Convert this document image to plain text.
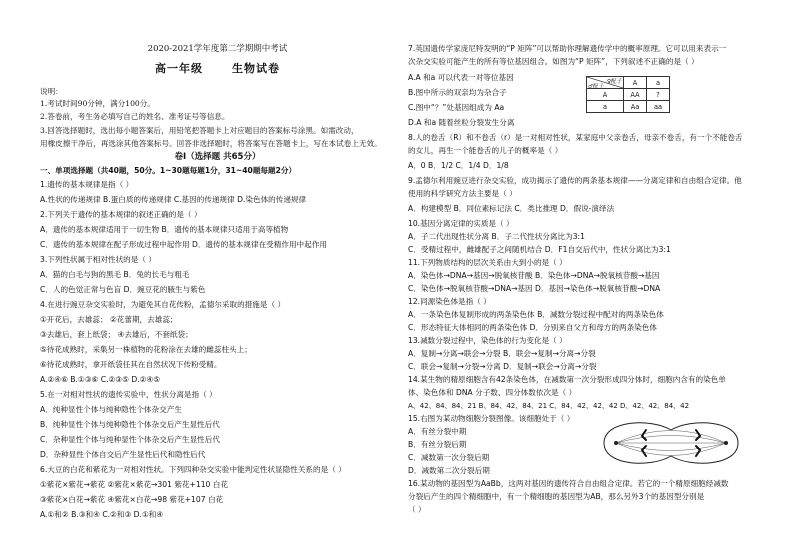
2020-2021学年度第二学期期中考试
高一年级	生物试卷
说明：
1.考试时间90分钟，满分100分。
2.答卷前，考生务必填写自己的姓名、准考证号等信息。
3.回答选择题时，选出每小题答案后，用铅笔把答题卡上对应题目的答案标号涂黑。如需改动，
用橡皮擦干净后，再选涂其他答案标号。回答非选择题时，将答案写在答题卡上，写在本试卷上无效。
卷Ⅰ（选择题 共65分）
一、单项选择题（共40题，50分。1~30题每题1分，31~40题每题2分）
1.遗传的基本规律是指（ ）
A.性状的传递规律 B.蛋白质的传递规律 C.基因的传递规律 D.染色体的传递规律
2.下列关于遗传的基本规律的叙述正确的是（ ）
A．遗传的基本规律适用于一切生物 B．遗传的基本规律只适用于高等植物
C．遗传的基本规律在配子形成过程中起作用 D．遗传的基本规律在受精作用中起作用
3.下列性状属于相对性状的是（ ）
A．猫的白毛与狗的黑毛 B．兔的长毛与粗毛
C．人的色觉正常与色盲 D．豌豆花的腋生与紫色
4.在进行豌豆杂交实验时，为避免其自花传粉，孟德尔采取的措施是（ ）
①开花后，去雄蕊； ②花蕾期，去雄蕊；
③去雄后，套上纸袋； ④去雄后，不套纸袋；
⑤待花成熟时，采集另一株植物的花粉涂在去雄的雌蕊柱头上；
⑥待花成熟时，拿开纸袋任其在自然状况下传粉受精。
A.②④⑥ B.①③⑥ C.②③⑤ D.②④⑤
5.在一对相对性状的遗传实验中，性状分离是指（ ）
A．纯种显性个体与纯种隐性个体杂交产生
B．纯种显性个体与纯种隐性个体杂交后产生显性后代
C．杂种显性个体与纯种显性个体杂交后产生显性后代
D．杂种显性个体自交后产生显性后代和隐性后代
6.大豆的白花和紫花为一对相对性状。下列四种杂交实验中能判定性状显隐性关系的是（ ）
①紫花×紫花→紫花 ②紫花×紫花→301 紫花+110 白花
③紫花×白花→紫花 ④紫花×白花→98 紫花+107 白花
A.①和② B.③和④ C.②和③ D.①和④
7.英国遗传学家庞尼特发明的“P 矩阵”可以帮助你理解遗传学中的概率原理。它可以用来表示一
次杂交实验可能产生的所有等位基因组合。如图为“P 矩阵”，下列叙述不正确的是（ ）
A.A 和a 可以代表一对等位基因
B.图中所示的双亲均为杂合子
C.图中“？”处基因组成为 Aa
D.A 和a 随着丝粒分裂发生分离
8.人的卷舌（R）和不卷舌（r）是一对相对性状，某家庭中父亲卷舌，母亲不卷舌，有一个不能卷舌
的女儿，再生一个能卷舌的儿子的概率是（ ）
A．0 B．1/2 C．1/4 D．1/8
9.孟德尔利用豌豆进行杂交实验，成功揭示了遗传的两条基本规律——分离定律和自由组合定律。他
使用的科学研究方法主要是（ ）
A．构建模型 B．同位素标记法 C．类比推理 D．假说-演绎法
10.基因分离定律的实质是（ ）
A．子二代出现性状分离 B．子二代性状分离比为3:1
C．受精过程中，雌雄配子之间随机结合 D．F1自交后代中，性状分离比为3:1
11.下列物质结构的层次关系由大到小的是（ ）
A．染色体→DNA→基因→脱氧核苷酸 B．染色体→DNA→脱氧核苷酸→基因
C．染色体→脱氧核苷酸→DNA→基因 D．基因→染色体→脱氧核苷酸→DNA
12.同源染色体是指（ ）
A．一条染色体复制形成的两条染色体 B．减数分裂过程中配对的两条染色体
C．形态特征大体相同的两条染色体 D．分别来自父方和母方的两条染色体
13.减数分裂过程中，染色体的行为变化是（ ）
A．复制→分离→联会→分裂 B．联会→复制→分离→分裂
C．联会→复制→分裂→分离 D．复制→联会→分离→分裂
14.某生物的精原细胞含有42条染色体，在减数第一次分裂形成四分体时，细胞内含有的染色单
体、染色体和 DNA 分子数、四分体数依次是（ ）
A、42、84、84、21 B、84、42、84、21 C、84、42、42、42 D、42、42、84、42
15.右图为某动物细胞分裂图像。该细胞处于（ ）
A．有丝分裂中期
B．有丝分裂后期
C．减数第一次分裂后期
D．减数第二次分裂后期
16.某动物的基因型为AaBb，这两对基因的遗传符合自由组合定律。若它的一个精原细胞经减数
分裂后产生的四个精细胞中，有一个精细胞的基因型为AB，那么另外3个的基因型分别是
（ ）
♀配子	A	a
A	AA	?
a	Aa	aa
♂配子
